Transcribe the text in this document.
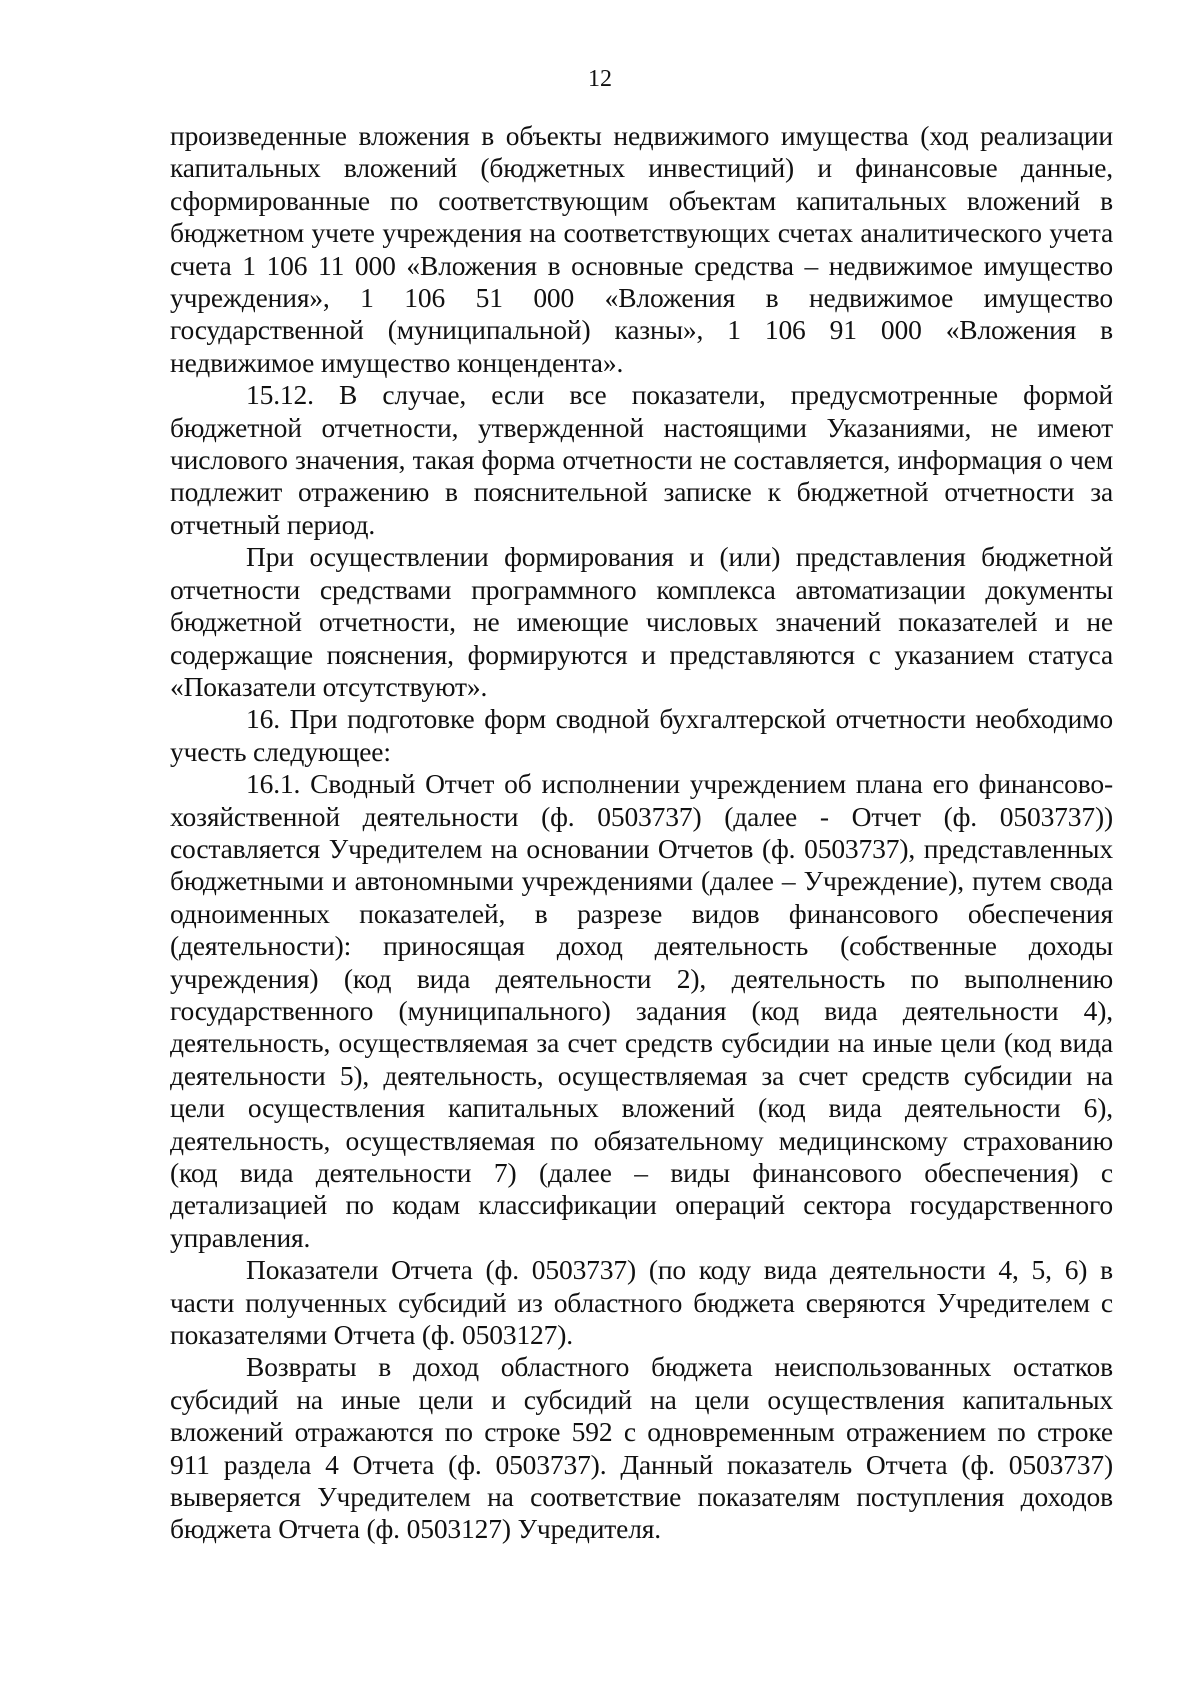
12

произведенные вложения в объекты недвижимого имущества (ход реализации капитальных вложений (бюджетных инвестиций) и финансовые данные, сформированные по соответствующим объектам капитальных вложений в бюджетном учете учреждения на соответствующих счетах аналитического учета счета 1 106 11 000 «Вложения в основные средства – недвижимое имущество учреждения», 1 106 51 000 «Вложения в недвижимое имущество государственной (муниципальной) казны», 1 106 91 000 «Вложения в недвижимое имущество концендента».

15.12. В случае, если все показатели, предусмотренные формой бюджетной отчетности, утвержденной настоящими Указаниями, не имеют числового значения, такая форма отчетности не составляется, информация о чем подлежит отражению в пояснительной записке к бюджетной отчетности за отчетный период.

При осуществлении формирования и (или) представления бюджетной отчетности средствами программного комплекса автоматизации документы бюджетной отчетности, не имеющие числовых значений показателей и не содержащие пояснения, формируются и представляются с указанием статуса «Показатели отсутствуют».

16. При подготовке форм сводной бухгалтерской отчетности необходимо учесть следующее:

16.1. Сводный Отчет об исполнении учреждением плана его финансово-хозяйственной деятельности (ф. 0503737) (далее - Отчет (ф. 0503737)) составляется Учредителем на основании Отчетов (ф. 0503737), представленных бюджетными и автономными учреждениями (далее – Учреждение), путем свода одноименных показателей, в разрезе видов финансового обеспечения (деятельности): приносящая доход деятельность (собственные доходы учреждения) (код вида деятельности 2), деятельность по выполнению государственного (муниципального) задания (код вида деятельности 4), деятельность, осуществляемая за счет средств субсидии на иные цели (код вида деятельности 5), деятельность, осуществляемая за счет средств субсидии на цели осуществления капитальных вложений (код вида деятельности 6), деятельность, осуществляемая по обязательному медицинскому страхованию (код вида деятельности 7) (далее – виды финансового обеспечения) с детализацией по кодам классификации операций сектора государственного управления.

Показатели Отчета (ф. 0503737) (по коду вида деятельности 4, 5, 6) в части полученных субсидий из областного бюджета сверяются Учредителем с показателями Отчета (ф. 0503127).

Возвраты в доход областного бюджета неиспользованных остатков субсидий на иные цели и субсидий на цели осуществления капитальных вложений отражаются по строке 592 с одновременным отражением по строке 911 раздела 4 Отчета (ф. 0503737). Данный показатель Отчета (ф. 0503737) выверяется Учредителем на соответствие показателям поступления доходов бюджета Отчета (ф. 0503127) Учредителя.
